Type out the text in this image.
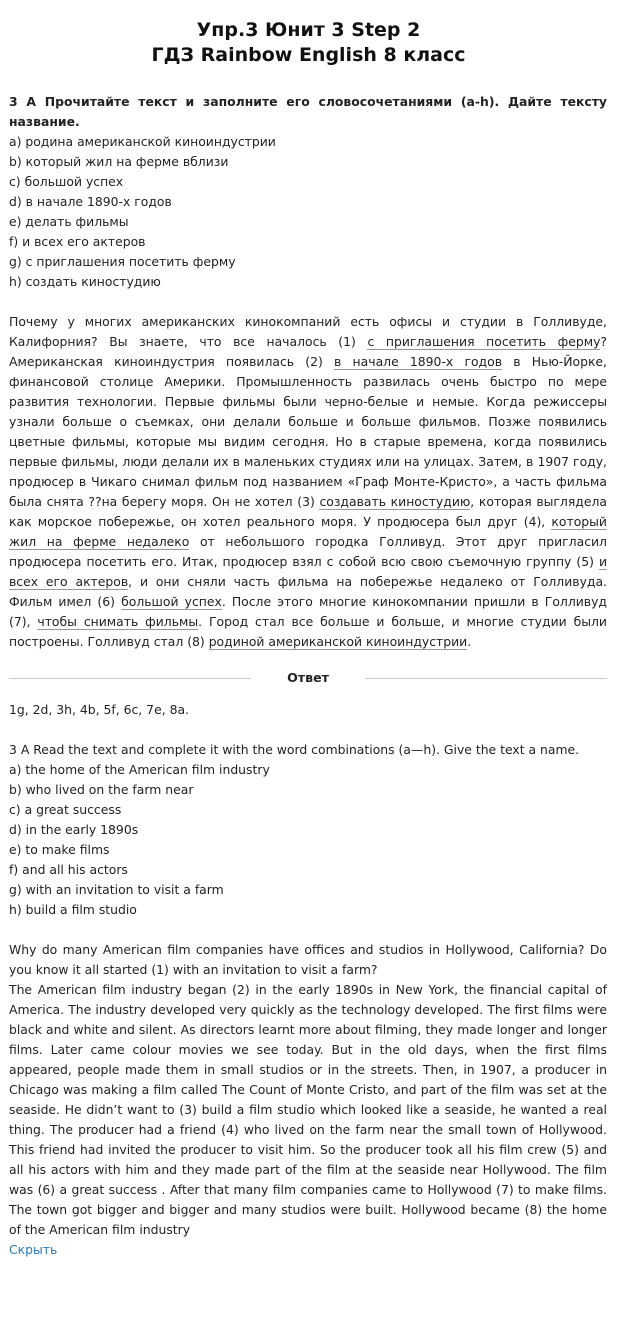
Упр.3 Юнит 3 Step 2
ГДЗ Rainbow English 8 класс
3 A Прочитайте текст и заполните его словосочетаниями (a-h). Дайте тексту название.
a) родина американской киноиндустрии
b) который жил на ферме вблизи
c) большой успех
d) в начале 1890-х годов
e) делать фильмы
f) и всех его актеров
g) с приглашения посетить ферму
h) создать киностудию
Почему у многих американских кинокомпаний есть офисы и студии в Голливуде, Калифорния? Вы знаете, что все началось (1) с приглашения посетить ферму? Американская киноиндустрия появилась (2) в начале 1890-х годов в Нью-Йорке, финансовой столице Америки. Промышленность развилась очень быстро по мере развития технологии. Первые фильмы были черно-белые и немые. Когда режиссеры узнали больше о съемках, они делали больше и больше фильмов. Позже появились цветные фильмы, которые мы видим сегодня. Но в старые времена, когда появились первые фильмы, люди делали их в маленьких студиях или на улицах. Затем, в 1907 году, продюсер в Чикаго снимал фильм под названием «Граф Монте-Кристо», а часть фильма была снята ??на берегу моря. Он не хотел (3) создавать киностудию, которая выглядела как морское побережье, он хотел реального моря. У продюсера был друг (4), который жил на ферме недалеко от небольшого городка Голливуд. Этот друг пригласил продюсера посетить его. Итак, продюсер взял с собой всю свою съемочную группу (5) и всех его актеров, и они сняли часть фильма на побережье недалеко от Голливуда. Фильм имел (6) большой успех. После этого многие кинокомпании пришли в Голливуд (7), чтобы снимать фильмы. Город стал все больше и больше, и многие студии были построены. Голливуд стал (8) родиной американской киноиндустрии.
Ответ
1g, 2d, 3h, 4b, 5f, 6c, 7e, 8a.
3 A Read the text and complete it with the word combinations (a—h). Give the text a name.
a) the home of the American film industry
b) who lived on the farm near
c) a great success
d) in the early 1890s
e) to make films
f) and all his actors
g) with an invitation to visit a farm
h) build a film studio

Why do many American film companies have offices and studios in Hollywood, California? Do you know it all started (1) with an invitation to visit a farm?

The American film industry began (2) in the early 1890s in New York, the financial capital of America. The industry developed very quickly as the technology developed. The first films were black and white and silent. As directors learnt more about filming, they made longer and longer films. Later came colour movies we see today. But in the old days, when the first films appeared, people made them in small studios or in the streets. Then, in 1907, a producer in Chicago was making a film called The Count of Monte Cristo, and part of the film was set at the seaside. He didn’t want to (3) build a film studio which looked like a seaside, he wanted a real thing. The producer had a friend (4) who lived on the farm near the small town of Hollywood. This friend had invited the producer to visit him. So the producer took all his film crew (5) and all his actors with him and they made part of the film at the seaside near Hollywood. The film was (6) a great success . After that many film companies came to Hollywood (7) to make films. The town got bigger and bigger and many studios were built. Hollywood became (8) the home of the American film industry

Скрыть
